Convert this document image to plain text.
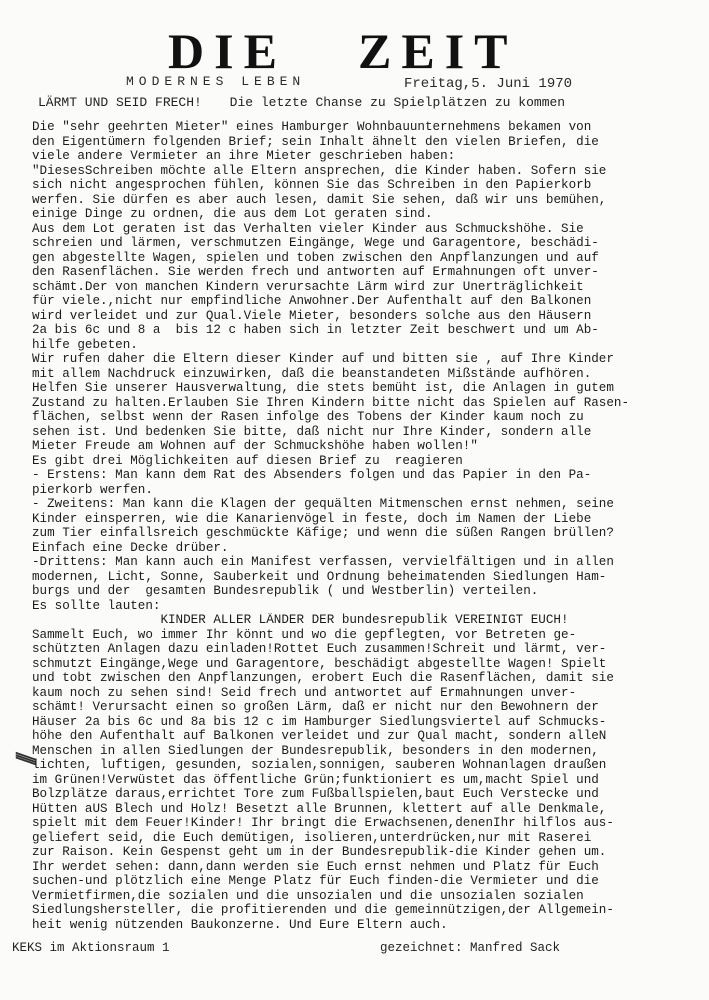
DIE ZEIT
MODERNES LEBEN	Freitag,5. Juni 1970
LÄRMT UND SEID FRECH! Die letzte Chanse zu Spielplätzen zu kommen
Die "sehr geehrten Mieter" eines Hamburger Wohnbauunternehmens bekamen von
den Eigentümern folgenden Brief; sein Inhalt ähnelt den vielen Briefen, die
viele andere Vermieter an ihre Mieter geschrieben haben:
"DiesesSchreiben möchte alle Eltern ansprechen, die Kinder haben. Sofern sie
sich nicht angesprochen fühlen, können Sie das Schreiben in den Papierkorb
werfen. Sie dürfen es aber auch lesen, damit Sie sehen, daß wir uns bemühen,
einige Dinge zu ordnen, die aus dem Lot geraten sind.
Aus dem Lot geraten ist das Verhalten vieler Kinder aus Schmuckshöhe. Sie
schreien und lärmen, verschmutzen Eingänge, Wege und Garagentore, beschädi-
gen abgestellte Wagen, spielen und toben zwischen den Anpflanzungen und auf
den Rasenflächen. Sie werden frech und antworten auf Ermahnungen oft unver-
schämt.Der von manchen Kindern verursachte Lärm wird zur Unerträglichkeit
für viele.,nicht nur empfindliche Anwohner.Der Aufenthalt auf den Balkonen
wird verleidet und zur Qual.Viele Mieter, besonders solche aus den Häusern
2a bis 6c und 8 a  bis 12 c haben sich in letzter Zeit beschwert und um Ab-
hilfe gebeten.
Wir rufen daher die Eltern dieser Kinder auf und bitten sie , auf Ihre Kinder
mit allem Nachdruck einzuwirken, daß die beanstandeten Mißstände aufhören.
Helfen Sie unserer Hausverwaltung, die stets bemüht ist, die Anlagen in gutem
Zustand zu halten.Erlauben Sie Ihren Kindern bitte nicht das Spielen auf Rasen-
flächen, selbst wenn der Rasen infolge des Tobens der Kinder kaum noch zu
sehen ist. Und bedenken Sie bitte, daß nicht nur Ihre Kinder, sondern alle
Mieter Freude am Wohnen auf der Schmuckshöhe haben wollen!"
Es gibt drei Möglichkeiten auf diesen Brief zu  reagieren
- Erstens: Man kann dem Rat des Absenders folgen und das Papier in den Pa-
pierkorb werfen.
- Zweitens: Man kann die Klagen der gequälten Mitmenschen ernst nehmen, seine
Kinder einsperren, wie die Kanarienvögel in feste, doch im Namen der Liebe
zum Tier einfallsreich geschmückte Käfige; und wenn die süßen Rangen brüllen?
Einfach eine Decke drüber.
-Drittens: Man kann auch ein Manifest verfassen, vervielfältigen und in allen
modernen, Licht, Sonne, Sauberkeit und Ordnung beheimatenden Siedlungen Ham-
burgs und der  gesamten Bundesrepublik ( und Westberlin) verteilen.
Es sollte lauten:
KINDER ALLER LÄNDER DER bundesrepublik VEREINIGT EUCH!
Sammelt Euch, wo immer Ihr könnt und wo die gepflegten, vor Betreten ge-
schützten Anlagen dazu einladen!Rottet Euch zusammen!Schreit und lärmt, ver-
schmutzt Eingänge,Wege und Garagentore, beschädigt abgestellte Wagen! Spielt
und tobt zwischen den Anpflanzungen, erobert Euch die Rasenflächen, damit sie
kaum noch zu sehen sind! Seid frech und antwortet auf Ermahnungen unver-
schämt! Verursacht einen so großen Lärm, daß er nicht nur den Bewohnern der
Häuser 2a bis 6c und 8a bis 12 c im Hamburger Siedlungsviertel auf Schmucks-
höhe den Aufenthalt auf Balkonen verleidet und zur Qual macht, sondern alleN
Menschen in allen Siedlungen der Bundesrepublik, besonders in den modernen,
lichten, luftigen, gesunden, sozialen,sonnigen, sauberen Wohnanlagen draußen
im Grünen!Verwüstet das öffentliche Grün;funktioniert es um,macht Spiel und
Bolzplätze daraus,errichtet Tore zum Fußballspielen,baut Euch Verstecke und
Hütten aUS Blech und Holz! Besetzt alle Brunnen, klettert auf alle Denkmale,
spielt mit dem Feuer!Kinder! Ihr bringt die Erwachsenen,denenIhr hilflos aus-
geliefert seid, die Euch demütigen, isolieren,unterdrücken,nur mit Raserei
zur Raison. Kein Gespenst geht um in der Bundesrepublik-die Kinder gehen um.
Ihr werdet sehen: dann,dann werden sie Euch ernst nehmen und Platz für Euch
suchen-und plötzlich eine Menge Platz für Euch finden-die Vermieter und die
Vermietfirmen,die sozialen und die unsozialen und die unsozialen sozialen
Siedlungshersteller, die profitierenden und die gemeinnützigen,der Allgemein-
heit wenig nützenden Baukonzerne. Und Eure Eltern auch.
///
KEKS im Aktionsraum 1	gezeichnet: Manfred Sack
